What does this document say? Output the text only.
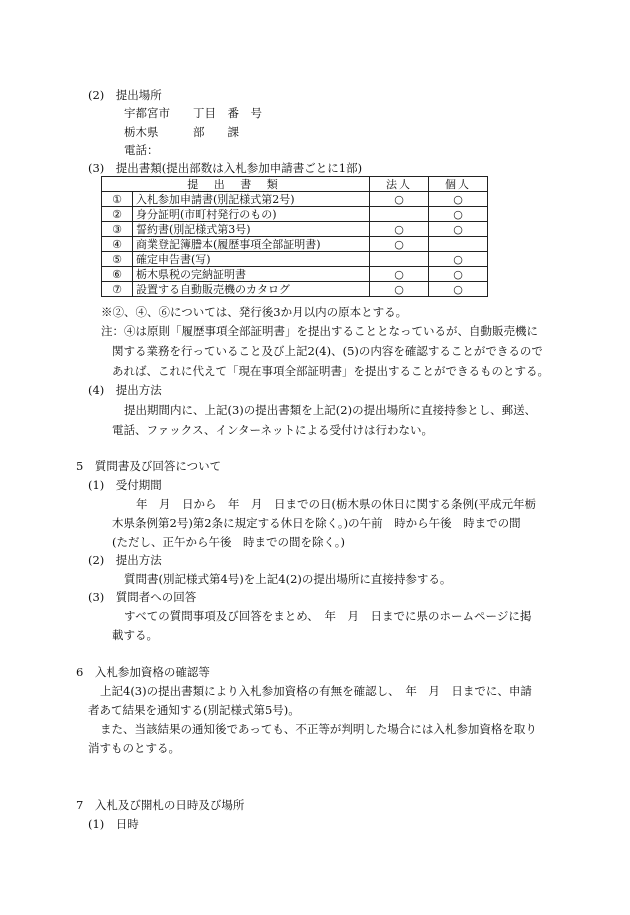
(2)　提出場所
宇都宮市　　丁目　番　号
栃木県　　　部　　課
電話：
(3)　提出書類(提出部数は入札参加申請書ごとに1部)
提 出 書 類		法人	個人
①	入札参加申請書(別記様式第2号)	○	○
②	身分証明(市町村発行のもの)		○
③	誓約書(別記様式第3号)	○	○
④	商業登記簿謄本(履歴事項全部証明書)	○	
⑤	確定申告書(写)		○
⑥	栃木県税の完納証明書	○	○
⑦	設置する自動販売機のカタログ	○	○
※②、④、⑥については、発行後3か月以内の原本とする。
注：④は原則「履歴事項全部証明書」を提出することとなっているが、自動販売機に
関する業務を行っていること及び上記2(4)、(5)の内容を確認することができるので
あれば、これに代えて「現在事項全部証明書」を提出することができるものとする。
(4)　提出方法
提出期間内に、上記(3)の提出書類を上記(2)の提出場所に直接持参とし、郵送、
電話、ファックス、インターネットによる受付けは行わない。
5　質問書及び回答について
(1)　受付期間
年　月　日から　年　月　日までの日(栃木県の休日に関する条例(平成元年栃
木県条例第2号)第2条に規定する休日を除く。)の午前　時から午後　時までの間
(ただし、正午から午後　時までの間を除く。)
(2)　提出方法
質問書(別記様式第4号)を上記4(2)の提出場所に直接持参する。
(3)　質問者への回答
すべての質問事項及び回答をまとめ、　年　月　日までに県のホームページに掲
載する。
6　入札参加資格の確認等
上記4(3)の提出書類により入札参加資格の有無を確認し、　年　月　日までに、申請
者あて結果を通知する(別記様式第5号)。
また、当該結果の通知後であっても、不正等が判明した場合には入札参加資格を取り
消すものとする。
7　入札及び開札の日時及び場所
(1)　日時
